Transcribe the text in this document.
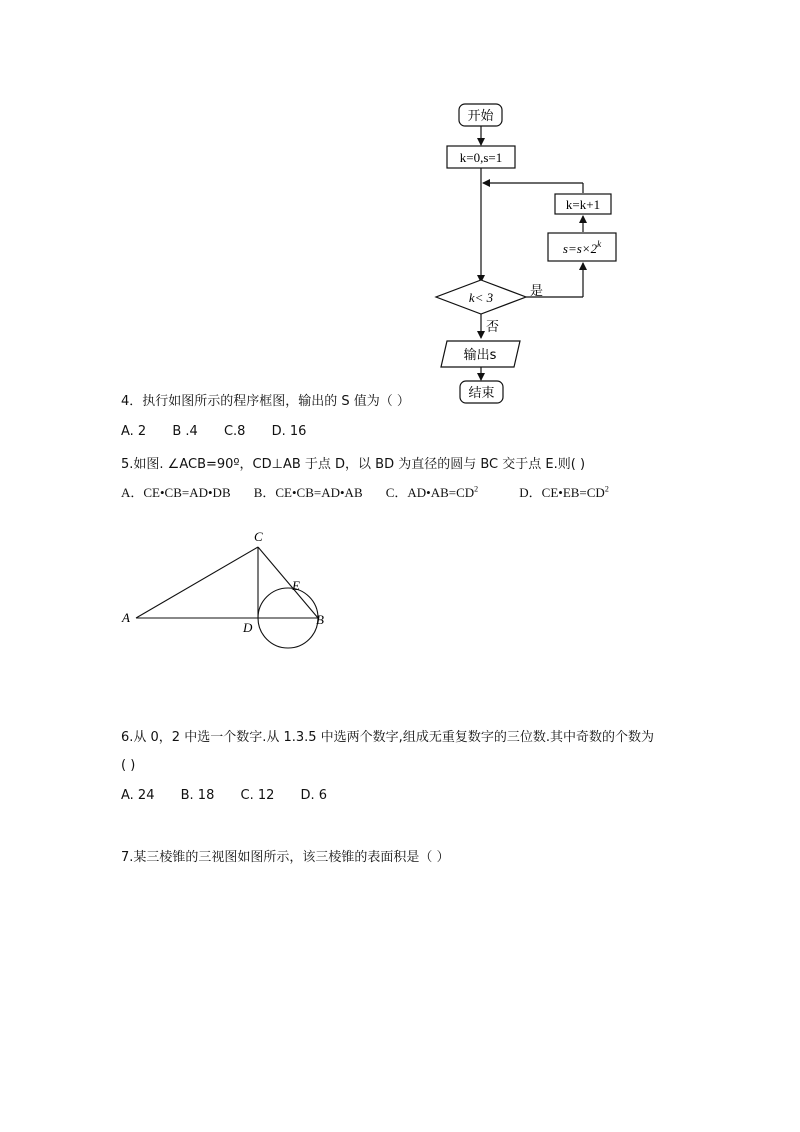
开始
k=0,s=1
k=k+1
$s=s\times 2^k$
k< 3	是
否
输出s
结束
4．执行如图所示的程序框图，输出的 S 值为（ ）
A. 2 B .4 C.8 D. 16
5.如图. ∠ACB=90º，CD⊥AB 于点 D，以 BD 为直径的圆与 BC 交于点 E.则( )
A．CE•CB=AD•DB B．CE•CB=AD•AB C．$AD•AB=CD^2$	D．$CE•EB=CD^2$
A
C
D
B
E
6.从 0，2 中选一个数字.从 1.3.5 中选两个数字,组成无重复数字的三位数.其中奇数的个数为
( )
A. 24 B. 18 C. 12 D. 6
7.某三棱锥的三视图如图所示，该三棱锥的表面积是（ ）
